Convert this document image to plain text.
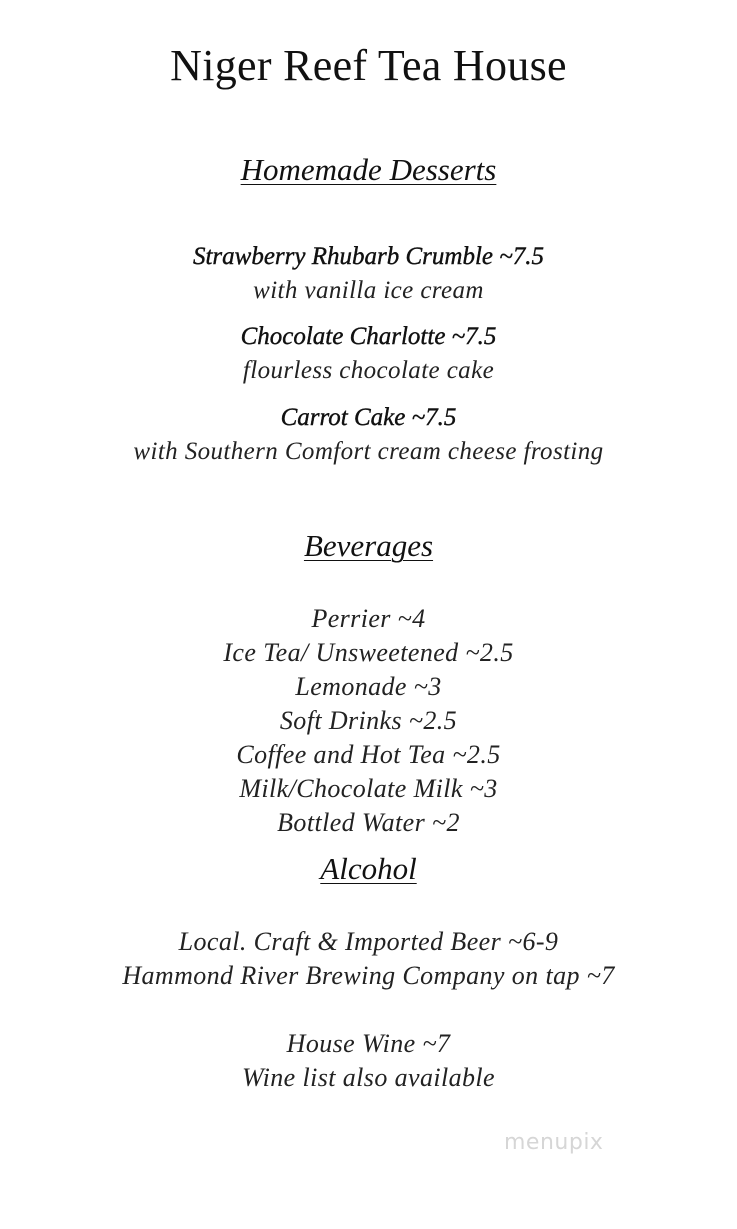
Niger Reef Tea House
Homemade Desserts
Strawberry Rhubarb Crumble ~7.5
with vanilla ice cream
Chocolate Charlotte ~7.5
flourless chocolate cake
Carrot Cake ~7.5
with Southern Comfort cream cheese frosting
Beverages
Perrier ~4
Ice Tea/ Unsweetened ~2.5
Lemonade ~3
Soft Drinks ~2.5
Coffee and Hot Tea ~2.5
Milk/Chocolate Milk ~3
Bottled Water ~2
Alcohol
Local. Craft & Imported Beer ~6-9
Hammond River Brewing Company on tap ~7
House Wine ~7
Wine list also available
menupix
